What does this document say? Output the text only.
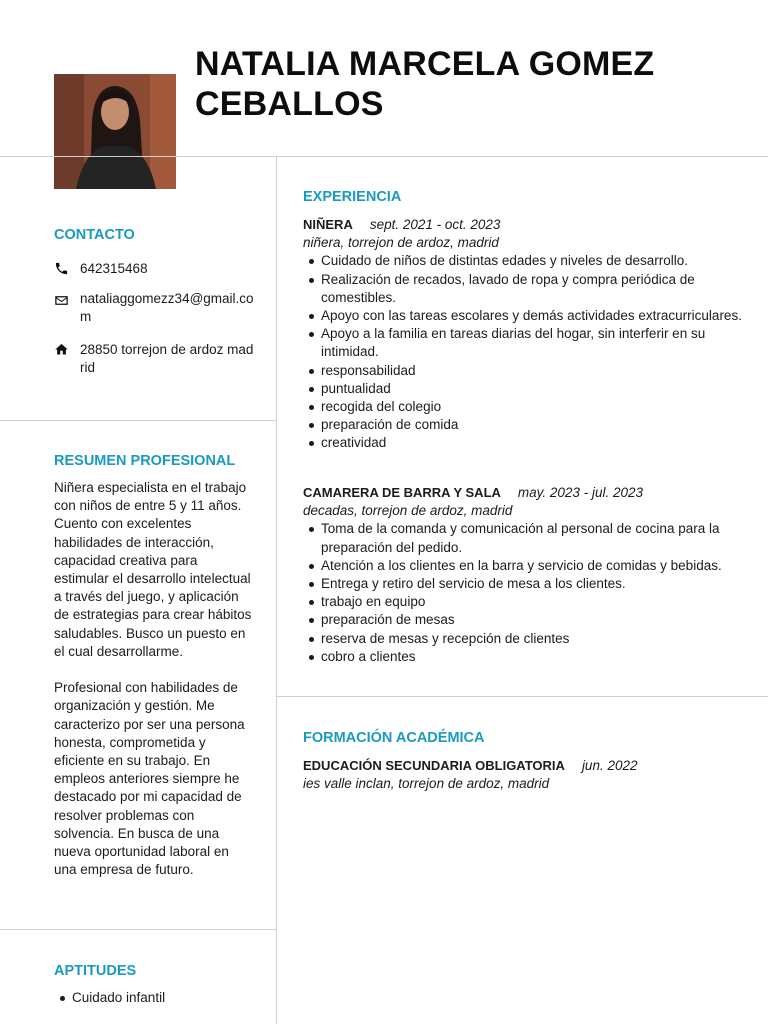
NATALIA MARCELA GOMEZ CEBALLOS
CONTACTO
642315468
nataliaggomezz34@gmail.com
28850 torrejon de ardoz madrid
RESUMEN PROFESIONAL

Niñera especialista en el trabajo con niños de entre 5 y 11 años. Cuento con excelentes habilidades de interacción, capacidad creativa para estimular el desarrollo intelectual a través del juego, y aplicación de estrategias para crear hábitos saludables. Busco un puesto en el cual desarrollarme.

Profesional con habilidades de organización y gestión. Me caracterizo por ser una persona honesta, comprometida y eficiente en su trabajo. En empleos anteriores siempre he destacado por mi capacidad de resolver problemas con solvencia. En busca de una nueva oportunidad laboral en una empresa de futuro.

APTITUDES
Cuidado infantil
EXPERIENCIA
NIÑERA sept. 2021 - oct. 2023
niñera, torrejon de ardoz, madrid
Cuidado de niños de distintas edades y niveles de desarrollo.
Realización de recados, lavado de ropa y compra periódica de comestibles.
Apoyo con las tareas escolares y demás actividades extracurriculares.
Apoyo a la familia en tareas diarias del hogar, sin interferir en su intimidad.
responsabilidad
puntualidad
recogida del colegio
preparación de comida
creatividad
CAMARERA DE BARRA Y SALA may. 2023 - jul. 2023
decadas, torrejon de ardoz, madrid
Toma de la comanda y comunicación al personal de cocina para la preparación del pedido.
Atención a los clientes en la barra y servicio de comidas y bebidas.
Entrega y retiro del servicio de mesa a los clientes.
trabajo en equipo
preparación de mesas
reserva de mesas y recepción de clientes
cobro a clientes
FORMACIÓN ACADÉMICA
EDUCACIÓN SECUNDARIA OBLIGATORIA jun. 2022
ies valle inclan, torrejon de ardoz, madrid
